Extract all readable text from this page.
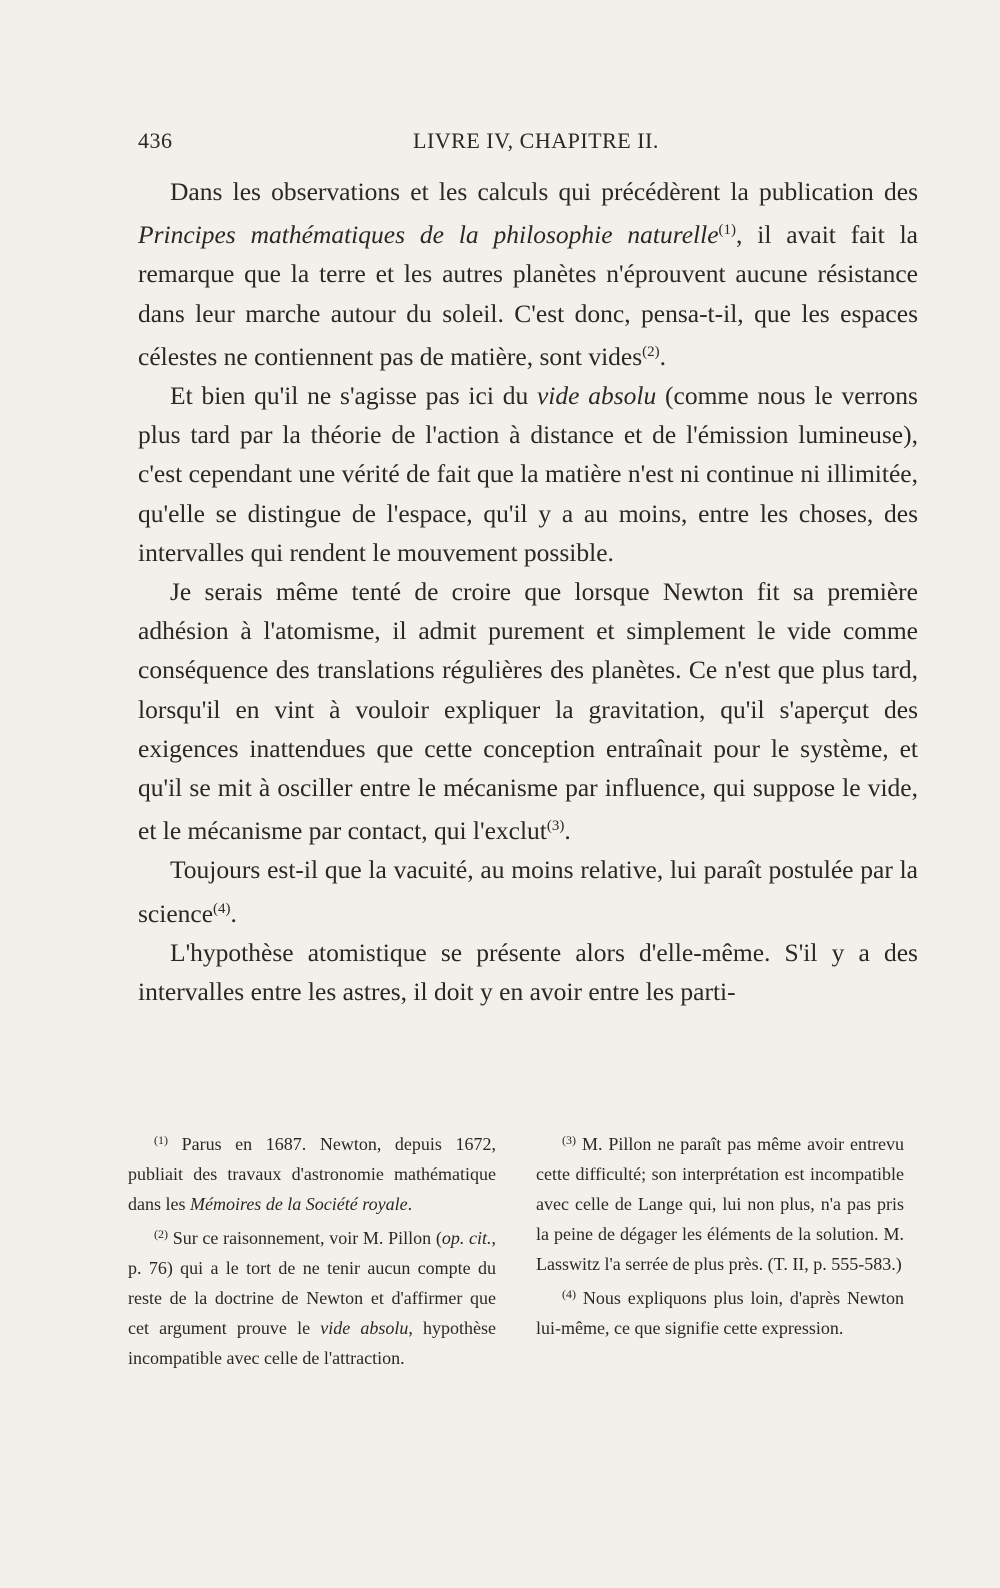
436	LIVRE IV, CHAPITRE II.

Dans les observations et les calculs qui précédèrent la publication des Principes mathématiques de la philosophie naturelle$^{(1)}$, il avait fait la remarque que la terre et les autres planètes n'éprouvent aucune résistance dans leur marche autour du soleil. C'est donc, pensa-t-il, que les espaces célestes ne contiennent pas de matière, sont vides$^{(2)}$.

Et bien qu'il ne s'agisse pas ici du vide absolu (comme nous le verrons plus tard par la théorie de l'action à distance et de l'émission lumineuse), c'est cependant une vérité de fait que la matière n'est ni continue ni illimitée, qu'elle se distingue de l'espace, qu'il y a au moins, entre les choses, des intervalles qui rendent le mouvement possible.

Je serais même tenté de croire que lorsque Newton fit sa première adhésion à l'atomisme, il admit purement et simplement le vide comme conséquence des translations régulières des planètes. Ce n'est que plus tard, lorsqu'il en vint à vouloir expliquer la gravitation, qu'il s'aperçut des exigences inattendues que cette conception entraînait pour le système, et qu'il se mit à osciller entre le mécanisme par influence, qui suppose le vide, et le mécanisme par contact, qui l'exclut$^{(3)}$.

Toujours est-il que la vacuité, au moins relative, lui paraît postulée par la science$^{(4)}$.

L'hypothèse atomistique se présente alors d'elle-même. S'il y a des intervalles entre les astres, il doit y en avoir entre les parti-

$^{(1)}$ Parus en 1687. Newton, depuis 1672, publiait des travaux d'astronomie mathématique dans les Mémoires de la Société royale.

$^{(2)}$ Sur ce raisonnement, voir M. Pillon (op. cit., p. 76) qui a le tort de ne tenir aucun compte du reste de la doctrine de Newton et d'affirmer que cet argument prouve le vide absolu, hypothèse incompatible avec celle de l'attraction.

$^{(3)}$ M. Pillon ne paraît pas même avoir entrevu cette difficulté; son interprétation est incompatible avec celle de Lange qui, lui non plus, n'a pas pris la peine de dégager les éléments de la solution. M. Lasswitz l'a serrée de plus près. (T. II, p. 555-583.)

$^{(4)}$ Nous expliquons plus loin, d'après Newton lui-même, ce que signifie cette expression.
